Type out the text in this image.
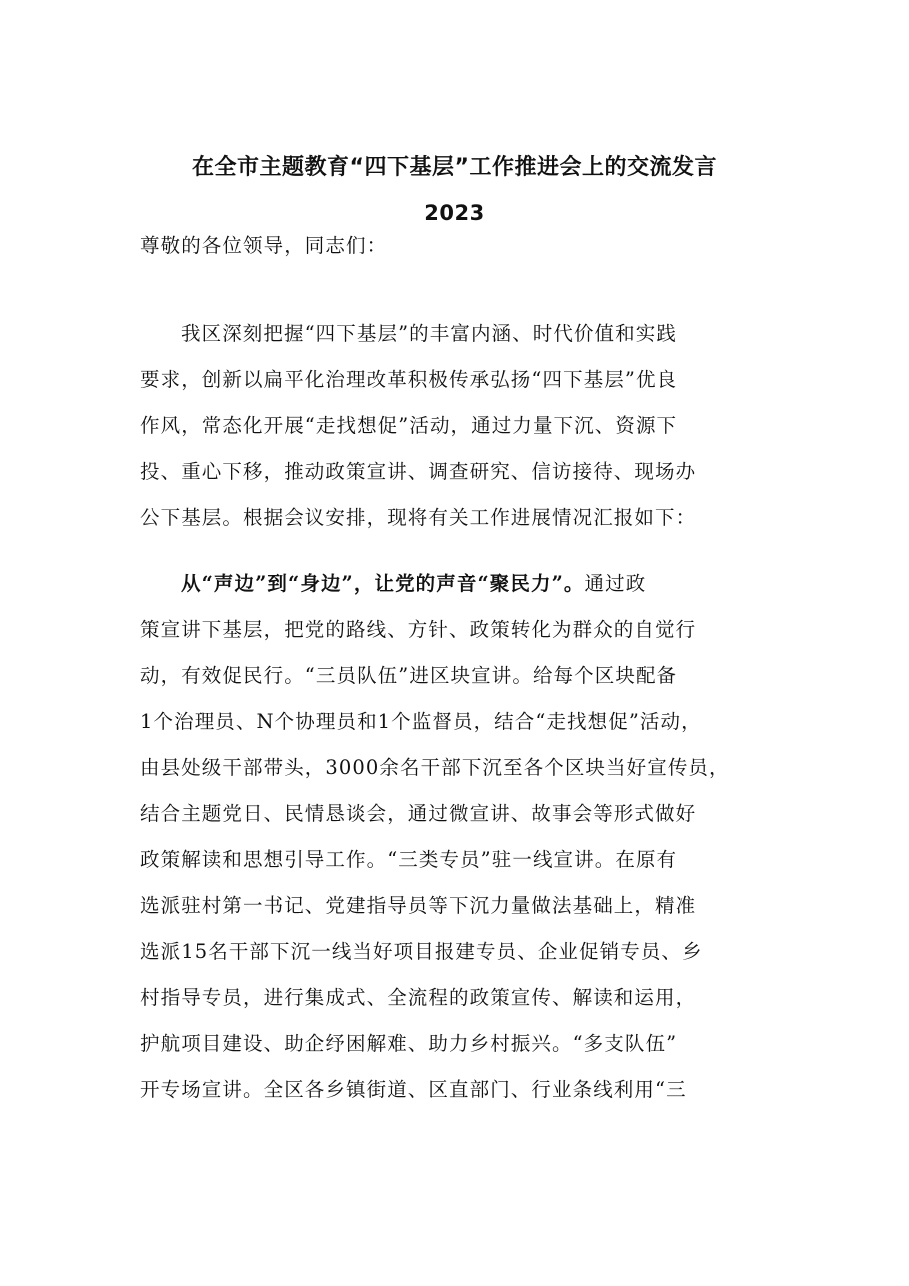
在全市主题教育“四下基层”工作推进会上的交流发言
2023
尊敬的各位领导，同志们：
我区深刻把握“四下基层”的丰富内涵、时代价值和实践
要求，创新以扁平化治理改革积极传承弘扬“四下基层”优良
作风，常态化开展“走找想促”活动，通过力量下沉、资源下
投、重心下移，推动政策宣讲、调查研究、信访接待、现场办
公下基层。根据会议安排，现将有关工作进展情况汇报如下：
从“声边”到“身边”，让党的声音“聚民力”。通过政
策宣讲下基层，把党的路线、方针、政策转化为群众的自觉行
动，有效促民行。“三员队伍”进区块宣讲。给每个区块配备
1个治理员、N个协理员和1个监督员，结合“走找想促”活动，
由县处级干部带头，3000余名干部下沉至各个区块当好宣传员，
结合主题党日、民情恳谈会，通过微宣讲、故事会等形式做好
政策解读和思想引导工作。“三类专员”驻一线宣讲。在原有
选派驻村第一书记、党建指导员等下沉力量做法基础上，精准
选派15名干部下沉一线当好项目报建专员、企业促销专员、乡
村指导专员，进行集成式、全流程的政策宣传、解读和运用，
护航项目建设、助企纾困解难、助力乡村振兴。“多支队伍”
开专场宣讲。全区各乡镇街道、区直部门、行业条线利用“三
